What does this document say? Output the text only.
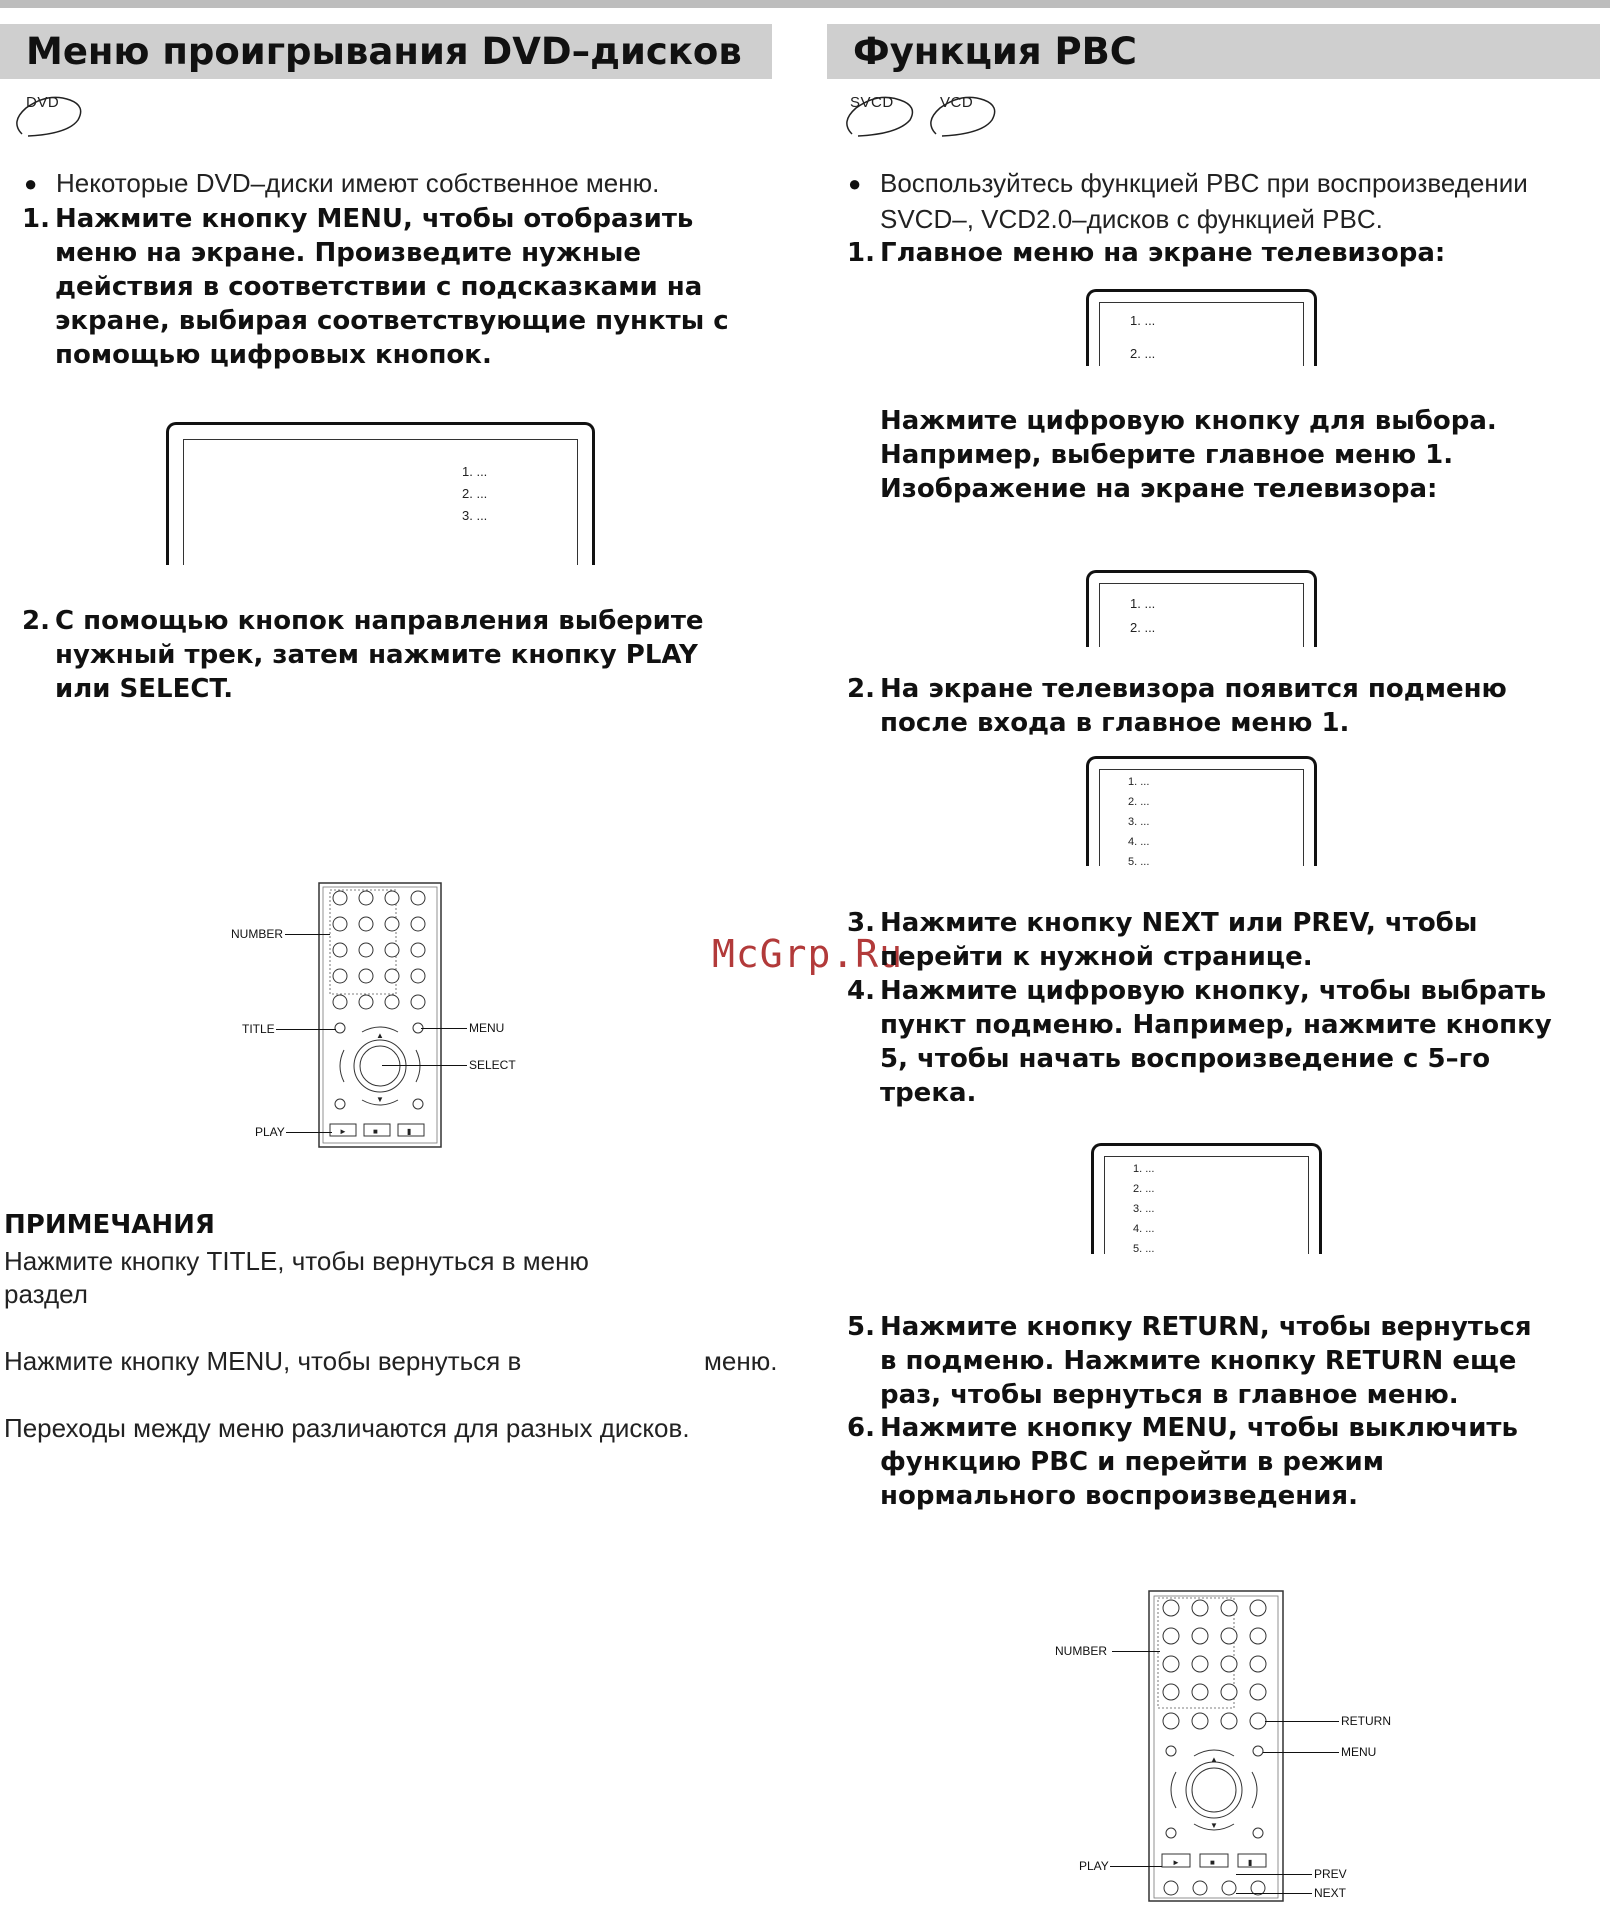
Меню проигрывания DVD–дисков
DVD
● Некоторые DVD–диски имеют собственное меню.
1. Нажмите кнопку MENU, чтобы отобразить
меню на экране. Произведите нужные
действия в соответствии с подсказками на
экране, выбирая соответствующие пункты с
помощью цифровых кнопок.
1. ...
2. ...
3. ...
2. С помощью кнопок направления выберите
нужный трек, затем нажмите кнопку PLAY
или SELECT.
▲
▼
►	■	▮
NUMBER
TITLE	MENU
SELECT
PLAY
ПРИМЕЧАНИЯ
Нажмите кнопку TITLE, чтобы вернуться в меню
раздел
Нажмите кнопку MENU, чтобы вернуться в	меню.
Переходы между меню различаются для разных дисков.
McGrp.Ru
Функция PBC
SVCD	VCD
● Воспользуйтесь функцией PBC при воспроизведении
SVCD–, VCD2.0–дисков с функцией PBC.
1. Главное меню на экране телевизора:
1. ...
2. ...
Нажмите цифровую кнопку для выбора.
Например, выберите главное меню 1.
Изображение на экране телевизора:
1. ...
2. ...
2. На экране телевизора появится подменю
после входа в главное меню 1.
1. ...
2. ...
3. ...
4. ...
5. ...
3. Нажмите кнопку NEXT или PREV, чтобы
перейти к нужной странице.
4. Нажмите цифровую кнопку, чтобы выбрать
пункт подменю. Например, нажмите кнопку
5, чтобы начать воспроизведение с 5–го
трека.
1. ...
2. ...
3. ...
4. ...
5. ...
5. Нажмите кнопку RETURN, чтобы вернуться
в подменю. Нажмите кнопку RETURN еще
раз, чтобы вернуться в главное меню.
6. Нажмите кнопку MENU, чтобы выключить
функцию PBC и перейти в режим
нормального воспроизведения.
▲
▼
►	■	▮
NUMBER
RETURN
MENU
PLAY
PREV
NEXT
